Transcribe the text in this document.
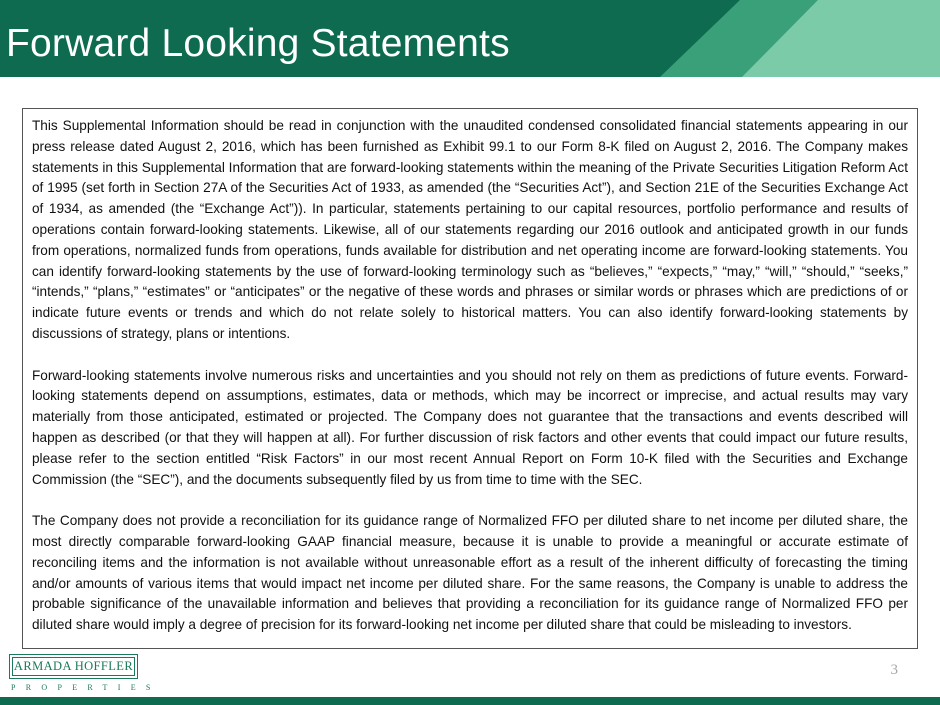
Forward Looking Statements

This Supplemental Information should be read in conjunction with the unaudited condensed consolidated financial statements appearing in our press release dated August 2, 2016, which has been furnished as Exhibit 99.1 to our Form 8-K filed on August 2, 2016. The Company makes statements in this Supplemental Information that are forward-looking statements within the meaning of the Private Securities Litigation Reform Act of 1995 (set forth in Section 27A of the Securities Act of 1933, as amended (the “Securities Act”), and Section 21E of the Securities Exchange Act of 1934, as amended (the “Exchange Act”)). In particular, statements pertaining to our capital resources, portfolio performance and results of operations contain forward-looking statements. Likewise, all of our statements regarding our 2016 outlook and anticipated growth in our funds from operations, normalized funds from operations, funds available for distribution and net operating income are forward-looking statements. You can identify forward-looking statements by the use of forward-looking terminology such as “believes,” “expects,” “may,” “will,” “should,” “seeks,” “intends,” “plans,” “estimates” or “anticipates” or the negative of these words and phrases or similar words or phrases which are predictions of or indicate future events or trends and which do not relate solely to historical matters. You can also identify forward-looking statements by discussions of strategy, plans or intentions.

Forward-looking statements involve numerous risks and uncertainties and you should not rely on them as predictions of future events. Forward-looking statements depend on assumptions, estimates, data or methods, which may be incorrect or imprecise, and actual results may vary materially from those anticipated, estimated or projected. The Company does not guarantee that the transactions and events described will happen as described (or that they will happen at all). For further discussion of risk factors and other events that could impact our future results, please refer to the section entitled “Risk Factors” in our most recent Annual Report on Form 10-K filed with the Securities and Exchange Commission (the “SEC”), and the documents subsequently filed by us from time to time with the SEC.

The Company does not provide a reconciliation for its guidance range of Normalized FFO per diluted share to net income per diluted share, the most directly comparable forward-looking GAAP financial measure, because it is unable to provide a meaningful or accurate estimate of reconciling items and the information is not available without unreasonable effort as a result of the inherent difficulty of forecasting the timing and/or amounts of various items that would impact net income per diluted share. For the same reasons, the Company is unable to address the probable significance of the unavailable information and believes that providing a reconciliation for its guidance range of Normalized FFO per diluted share would imply a degree of precision for its forward-looking net income per diluted share that could be misleading to investors.

ARMADA HOFFLER
PROPERTIES
3
